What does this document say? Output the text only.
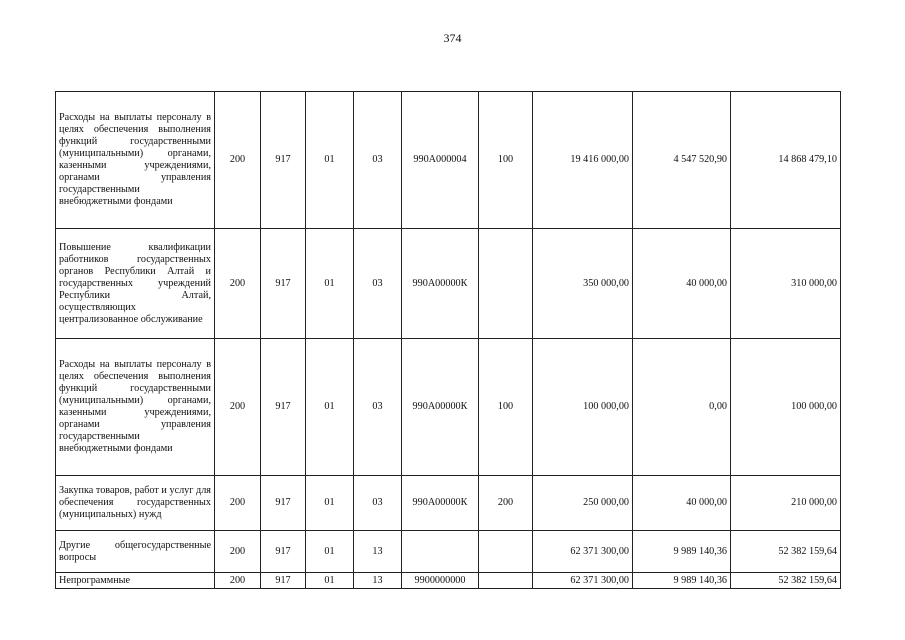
374
Расходы на выплаты персоналу в целях обеспечения выполнения функций государственными (муниципальными) органами, казенными учреждениями, органами управления государственными внебюджетными фондами	200	917	01	03	990А000004	100	19 416 000,00	4 547 520,90	14 868 479,10
Повышение квалификации работников государственных органов Республики Алтай и государственных учреждений Республики Алтай, осуществляющих централизованное обслуживание	200	917	01	03	990А00000К		350 000,00	40 000,00	310 000,00
Расходы на выплаты персоналу в целях обеспечения выполнения функций государственными (муниципальными) органами, казенными учреждениями, органами управления государственными внебюджетными фондами	200	917	01	03	990А00000К	100	100 000,00	0,00	100 000,00
Закупка товаров, работ и услуг для обеспечения государственных (муниципальных) нужд	200	917	01	03	990А00000К	200	250 000,00	40 000,00	210 000,00
Другие общегосударственные вопросы	200	917	01	13			62 371 300,00	9 989 140,36	52 382 159,64
Непрограммные	200	917	01	13	9900000000		62 371 300,00	9 989 140,36	52 382 159,64
